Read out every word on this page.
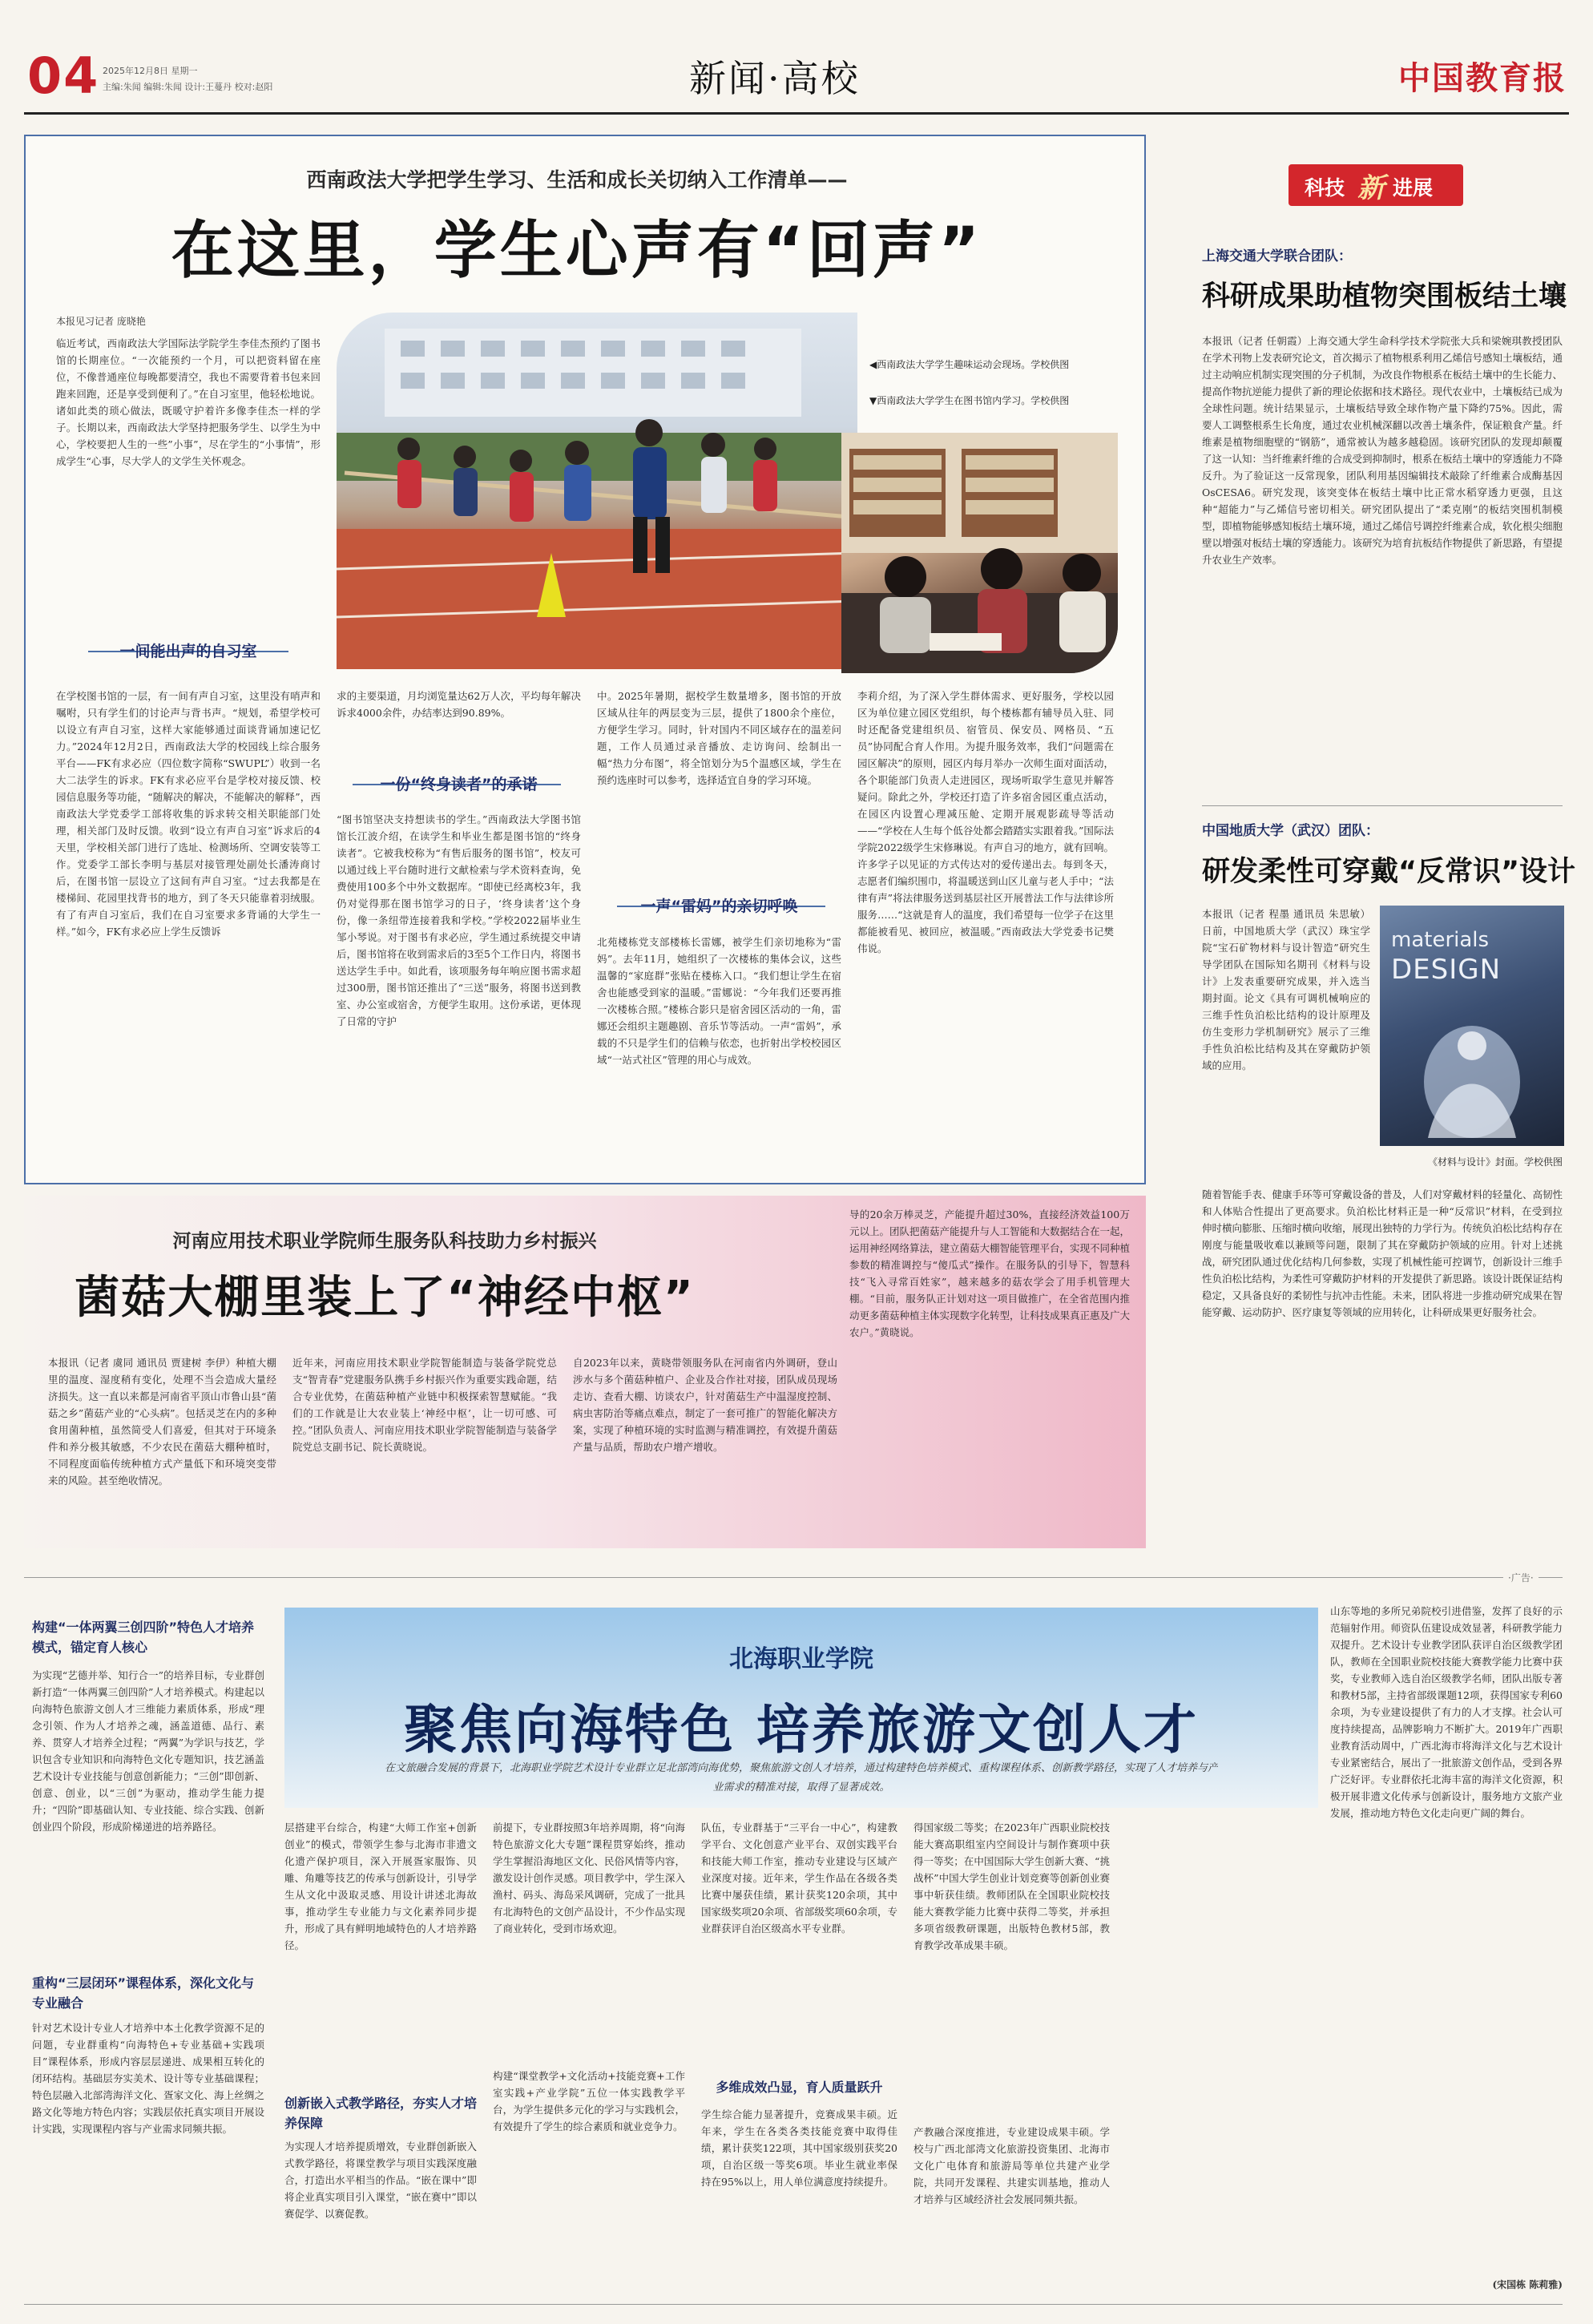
04 2025年12月8日 星期一
主编:朱闻 编辑:朱闻 设计:王蔓丹 校对:赵阳	新闻·高校	中国教育报
西南政法大学把学生学习、生活和成长关切纳入工作清单——
在这里，学生心声有“回声”
本报见习记者 庞晓艳
临近考试，西南政法大学国际法学院学生李佳杰预约了图书馆的长期座位。“一次能预约一个月，可以把资料留在座位，不像普通座位每晚都要清空，我也不需要背着书包来回跑来回跑，还是享受到便利了。”在自习室里，他轻松地说。诸如此类的琐心做法，既暖守护着许多像李佳杰一样的学子。长期以来，西南政法大学坚持把服务学生、以学生为中心，学校要把人生的一些”小事”，尽在学生的“小事情”，形成学生“心事，尽大学人的文学生关怀观念。
◀西南政法大学学生趣味运动会现场。学校供图
▼西南政法大学学生在图书馆内学习。学校供图
一间能出声的自习室
在学校图书馆的一层，有一间有声自习室，这里没有哨声和嘱咐，只有学生们的讨论声与背书声。“规划，希望学校可以设立有声自习室，这样大家能够通过面谈背诵加速记忆力。”2024年12月2日，西南政法大学的校园线上综合服务平台——FK有求必应（四位数字简称“SWUPL”）收到一名大二法学生的诉求。FK有求必应平台是学校对接反馈、校园信息服务等功能，“随解决的解决，不能解决的解释”，西南政法大学党委学工部将收集的诉求转交相关职能部门处理，相关部门及时反馈。收到“设立有声自习室”诉求后的4天里，学校相关部门进行了选址、检测场所、空调安装等工作。党委学工部长李明与基层对接管理处副处长潘涛商讨后，在图书馆一层设立了这间有声自习室。“过去我都是在楼梯间、花园里找背书的地方，到了冬天只能靠着羽绒服。有了有声自习室后，我们在自习室要求多背诵的大学生一样。”如今，FK有求必应上学生反馈诉
求的主要渠道，月均浏览量达62万人次，平均每年解决诉求4000余件，办结率达到90.89%。
一份“终身读者”的承诺
“图书馆坚决支持想读书的学生。”西南政法大学图书馆馆长江波介绍，在读学生和毕业生都是图书馆的“终身读者”。它被我校称为“有售后服务的图书馆”，校友可以通过线上平台随时进行文献检索与学术资料查询，免费使用100多个中外文数据库。“即使已经离校3年，我仍对觉得那在图书馆学习的日子，‘终身读者’这个身份，像一条纽带连接着我和学校。”学校2022届毕业生邹小琴说。对于图书有求必应，学生通过系统提交申请后，图书馆将在收到需求后的3至5个工作日内，将图书送达学生手中。如此看，该项服务每年响应图书需求超过300册，图书馆还推出了“三送”服务，将图书送到教室、办公室或宿舍，方便学生取用。这份承诺，更体现了日常的守护
中。2025年暑期，据校学生数量增多，图书馆的开放区域从往年的两层变为三层，提供了1800余个座位，方便学生学习。同时，针对国内不同区域存在的温差问题，工作人员通过录音播放、走访询问、绘制出一幅“热力分布图”，将全馆划分为5个温感区域，学生在预约选座时可以参考，选择适宜自身的学习环境。
一声“雷妈”的亲切呼唤
北苑楼栋党支部楼栋长雷娜，被学生们亲切地称为“雷妈”。去年11月，她组织了一次楼栋的集体会议，这些温馨的“家庭群”张贴在楼栋入口。“我们想让学生在宿舍也能感受到家的温暖。”雷娜说：“今年我们还要再推一次楼栋合照。”楼栋合影只是宿舍园区活动的一角，雷娜还会组织主题趣剧、音乐节等活动。一声“雷妈”，承载的不只是学生们的信赖与依恋，也折射出学校校园区域“一站式社区”管理的用心与成效。
李莉介绍，为了深入学生群体需求、更好服务，学校以园区为单位建立园区党组织，每个楼栋都有辅导员入驻、同时还配备党建组织员、宿管员、保安员、网格员、“五员”协同配合育人作用。为提升服务效率，我们“问题需在园区解决”的原则，园区内每月举办一次师生面对面活动，各个职能部门负责人走进园区，现场听取学生意见并解答疑问。除此之外，学校还打造了许多宿舍园区重点活动，在园区内设置心理减压舱、定期开展观影疏导等活动——“学校在人生每个低谷处都会踏踏实实跟着我。”国际法学院2022级学生宋修琳说。有声自习的地方，就有回响。许多学子以见证的方式传达对的爱传递出去。每到冬天，志愿者们编织围巾，将温暖送到山区儿童与老人手中；“法律有声”将法律服务送到基层社区开展普法工作与法律诊所服务……“这就是育人的温度，我们希望每一位学子在这里都能被看见、被回应，被温暖。”西南政法大学党委书记樊伟说。
科技 新 进展
上海交通大学联合团队：
科研成果助植物突围板结土壤
本报讯（记者 任朝霞）上海交通大学生命科学技术学院张大兵和梁婉琪教授团队在学术刊物上发表研究论文，首次揭示了植物根系利用乙烯信号感知土壤板结，通过主动响应机制实现突围的分子机制，为改良作物根系在板结土壤中的生长能力、提高作物抗逆能力提供了新的理论依据和技术路径。现代农业中，土壤板结已成为全球性问题。统计结果显示，土壤板结导致全球作物产量下降约75%。因此，需要人工调整根系生长角度，通过农业机械深翻以改善土壤条件，保证粮食产量。纤维素是植物细胞壁的“钢筋”，通常被认为越多越稳固。该研究团队的发现却颠覆了这一认知：当纤维素纤维的合成受到抑制时，根系在板结土壤中的穿透能力不降反升。为了验证这一反常现象，团队利用基因编辑技术敲除了纤维素合成酶基因OsCESA6。研究发现，该突变体在板结土壤中比正常水稻穿透力更强，且这种“超能力”与乙烯信号密切相关。研究团队提出了“柔克刚”的板结突围机制模型，即植物能够感知板结土壤环境，通过乙烯信号调控纤维素合成，软化根尖细胞壁以增强对板结土壤的穿透能力。该研究为培育抗板结作物提供了新思路，有望提升农业生产效率。
中国地质大学（武汉）团队：
研发柔性可穿戴“反常识”设计
本报讯（记者 程墨 通讯员 朱思敏）日前，中国地质大学（武汉）珠宝学院“宝石矿物材料与设计智造”研究生导学团队在国际知名期刊《材料与设计》上发表重要研究成果，并入选当期封面。论文《具有可调机械响应的三维手性负泊松比结构的设计原理及仿生变形力学机制研究》展示了三维手性负泊松比结构及其在穿戴防护领域的应用。
materials
DESIGN
《材料与设计》封面。学校供图
随着智能手表、健康手环等可穿戴设备的普及，人们对穿戴材料的轻量化、高韧性和人体贴合性提出了更高要求。负泊松比材料正是一种“反常识”材料，在受到拉伸时横向膨胀、压缩时横向收缩，展现出独特的力学行为。传统负泊松比结构存在刚度与能量吸收难以兼顾等问题，限制了其在穿戴防护领域的应用。针对上述挑战，研究团队通过优化结构几何参数，实现了机械性能可控调节，创新设计三维手性负泊松比结构，为柔性可穿戴防护材料的开发提供了新思路。该设计既保证结构稳定，又具备良好的柔韧性与抗冲击性能。未来，团队将进一步推动研究成果在智能穿戴、运动防护、医疗康复等领域的应用转化，让科研成果更好服务社会。
河南应用技术职业学院师生服务队科技助力乡村振兴
菌菇大棚里装上了“神经中枢”
本报讯（记者 虞同 通讯员 贾建树 李伊）种植大棚里的温度、湿度稍有变化，处理不当会造成大量经济损失。这一直以来都是河南省平顶山市鲁山县“菌菇之乡”菌菇产业的“心头病”。包括灵芝在内的多种食用菌种植，虽然简受人们喜爱，但其对于环境条件和养分极其敏感，不少农民在菌菇大棚种植时，不同程度面临传统种植方式产量低下和环境突变带来的风险。甚至绝收情况。
近年来，河南应用技术职业学院智能制造与装备学院党总支“智青春”党建服务队携手乡村振兴作为重要实践命题，结合专业优势，在菌菇种植产业链中积极探索智慧赋能。“我们的工作就是让大农业装上‘神经中枢’，让一切可感、可控。”团队负责人、河南应用技术职业学院智能制造与装备学院党总支副书记、院长黄晓说。
自2023年以来，黄晓带领服务队在河南省内外调研，登山涉水与多个菌菇种植户、企业及合作社对接，团队成员现场走访、查看大棚、访谈农户，针对菌菇生产中温湿度控制、病虫害防治等痛点难点，制定了一套可推广的智能化解决方案，实现了种植环境的实时监测与精准调控，有效提升菌菇产量与品质，帮助农户增产增收。
导的20余万棒灵芝，产能提升超过30%，直接经济效益100万元以上。团队把菌菇产能提升与人工智能和大数据结合在一起，运用神经网络算法，建立菌菇大棚智能管理平台，实现不同种植参数的精准调控与“傻瓜式”操作。在服务队的引导下，智慧科技“飞入寻常百姓家”，越来越多的菇农学会了用手机管理大棚。“目前，服务队正计划对这一项目做推广，在全省范围内推动更多菌菇种植主体实现数字化转型，让科技成果真正惠及广大农户。”黄晓说。
·广告·
构建“一体两翼三创四阶”特色人才培养模式，锚定育人核心
为实现“艺德并举、知行合一”的培养目标，专业群创新打造“一体两翼三创四阶”人才培养模式。构建起以向海特色旅游文创人才三维能力素质体系，形成“理念引领、作为人才培养之魂，涵盖道德、品行、素养、贯穿人才培养全过程；“两翼”为学识与技艺，学识包含专业知识和向海特色文化专题知识，技艺涵盖艺术设计专业技能与创意创新能力；“三创”即创新、创意、创业，以“三创”为驱动，推动学生能力提升；“四阶”即基础认知、专业技能、综合实践、创新创业四个阶段，形成阶梯递进的培养路径。
重构“三层闭环”课程体系，深化文化与专业融合
针对艺术设计专业人才培养中本土化教学资源不足的问题，专业群重构“向海特色+专业基础+实践项目”课程体系，形成内容层层递进、成果相互转化的闭环结构。基础层夯实美术、设计等专业基础课程；特色层融入北部湾海洋文化、疍家文化、海上丝绸之路文化等地方特色内容；实践层依托真实项目开展设计实践，实现课程内容与产业需求同频共振。
北海职业学院
聚焦向海特色 培养旅游文创人才
在文旅融合发展的背景下，北海职业学院艺术设计专业群立足北部湾向海优势，聚焦旅游文创人才培养，通过构建特色培养模式、重构课程体系、创新教学路径，实现了人才培养与产业需求的精准对接，取得了显著成效。
层搭建平台综合，构建“大师工作室+创新创业”的模式，带领学生参与北海市非遗文化遗产保护项目，深入开展疍家服饰、贝雕、角雕等技艺的传承与创新设计，引导学生从文化中汲取灵感、用设计讲述北海故事，推动学生专业能力与文化素养同步提升，形成了具有鲜明地域特色的人才培养路径。
创新嵌入式教学路径，夯实人才培养保障
为实现人才培养提质增效，专业群创新嵌入式教学路径，将课堂教学与项目实践深度融合，打造出水平相当的作品。“嵌在课中”即将企业真实项目引入课堂，“嵌在赛中”即以赛促学、以赛促教。
前提下，专业群按照3年培养周期，将“向海特色旅游文化大专题”课程贯穿始终，推动学生掌握沿海地区文化、民俗风情等内容，激发设计创作灵感。项目教学中，学生深入渔村、码头、海岛采风调研，完成了一批具有北海特色的文创产品设计，不少作品实现了商业转化，受到市场欢迎。
构建“课堂教学+文化活动+技能竞赛+工作室实践+产业学院”五位一体实践教学平台，为学生提供多元化的学习与实践机会，有效提升了学生的综合素质和就业竞争力。
队伍，专业群基于“三平台一中心”，构建教学平台、文化创意产业平台、双创实践平台和技能大师工作室，推动专业建设与区域产业深度对接。近年来，学生作品在各级各类比赛中屡获佳绩，累计获奖120余项，其中国家级奖项20余项、省部级奖项60余项，专业群获评自治区级高水平专业群。
多维成效凸显，育人质量跃升
学生综合能力显著提升，竞赛成果丰硕。近年来，学生在各类各类技能竞赛中取得佳绩，累计获奖122项，其中国家级别获奖20项，自治区级一等奖6项。毕业生就业率保持在95%以上，用人单位满意度持续提升。
得国家级二等奖；在2023年广西职业院校技能大赛高职组室内空间设计与制作赛项中获得一等奖；在中国国际大学生创新大赛、“挑战杯”中国大学生创业计划竞赛等创新创业赛事中斩获佳绩。教师团队在全国职业院校技能大赛教学能力比赛中获得二等奖，并承担多项省级教研课题，出版特色教材5部，教育教学改革成果丰硕。
产教融合深度推进，专业建设成果丰硕。学校与广西北部湾文化旅游投资集团、北海市文化广电体育和旅游局等单位共建产业学院，共同开发课程、共建实训基地，推动人才培养与区域经济社会发展同频共振。
山东等地的多所兄弟院校引进借鉴，发挥了良好的示范辐射作用。师资队伍建设成效显著，科研教学能力双提升。艺术设计专业教学团队获评自治区级教学团队，教师在全国职业院校技能大赛教学能力比赛中获奖，专业教师入选自治区级教学名师，团队出版专著和教材5部，主持省部级课题12项，获得国家专利60余项，为专业建设提供了有力的人才支撑。社会认可度持续提高，品牌影响力不断扩大。2019年广西职业教育活动周中，广西北海市将海洋文化与艺术设计专业紧密结合，展出了一批旅游文创作品，受到各界广泛好评。专业群依托北海丰富的海洋文化资源，积极开展非遗文化传承与创新设计，服务地方文旅产业发展，推动地方特色文化走向更广阔的舞台。
(宋国栋 陈莉雅)
